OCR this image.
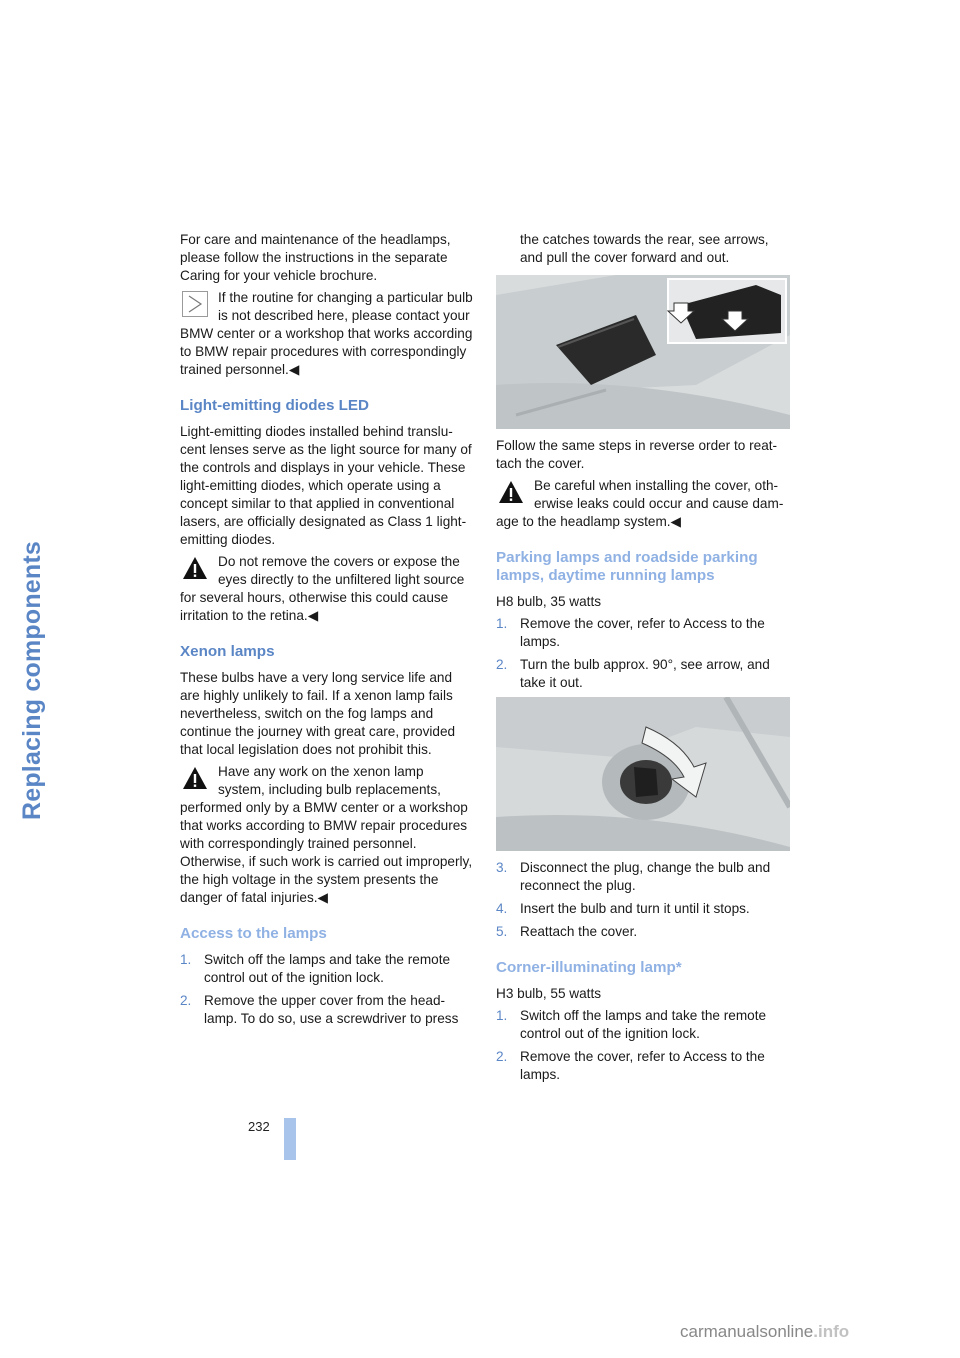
Replacing components
232

For care and maintenance of the headlamps, please follow the instructions in the separate Caring for your vehicle brochure.

If the routine for changing a particular bulb is not described here, please contact your BMW center or a workshop that works according to BMW repair procedures with correspondingly trained personnel.◀
Light-emitting diodes LED

Light-emitting diodes installed behind translucent lenses serve as the light source for many of the controls and displays in your vehicle. These light-emitting diodes, which operate using a concept similar to that applied in conventional lasers, are officially designated as Class 1 light-emitting diodes.

Do not remove the covers or expose the eyes directly to the unfiltered light source for several hours, otherwise this could cause irritation to the retina.◀
Xenon lamps

These bulbs have a very long service life and are highly unlikely to fail. If a xenon lamp fails nevertheless, switch on the fog lamps and continue the journey with great care, provided that local legislation does not prohibit this.

Have any work on the xenon lamp system, including bulb replacements, performed only by a BMW center or a workshop that works according to BMW repair procedures with correspondingly trained personnel. Otherwise, if such work is carried out improperly, the high voltage in the system presents the danger of fatal injuries.◀
Access to the lamps
1. Switch off the lamps and take the remote control out of the ignition lock.
2. Remove the upper cover from the headlamp. To do so, use a screwdriver to press
the catches towards the rear, see arrows, and pull the cover forward and out.

Follow the same steps in reverse order to reattach the cover.

Be careful when installing the cover, otherwise leaks could occur and cause damage to the headlamp system.◀
Parking lamps and roadside parking lamps, daytime running lamps

H8 bulb, 35 watts

1. Remove the cover, refer to Access to the lamps.
2. Turn the bulb approx. 90°, see arrow, and take it out.
3. Disconnect the plug, change the bulb and reconnect the plug.
4. Insert the bulb and turn it until it stops.
5. Reattach the cover.
Corner-illuminating lamp*

H3 bulb, 55 watts

1. Switch off the lamps and take the remote control out of the ignition lock.
2. Remove the cover, refer to Access to the lamps.
carmanualsonline.info
